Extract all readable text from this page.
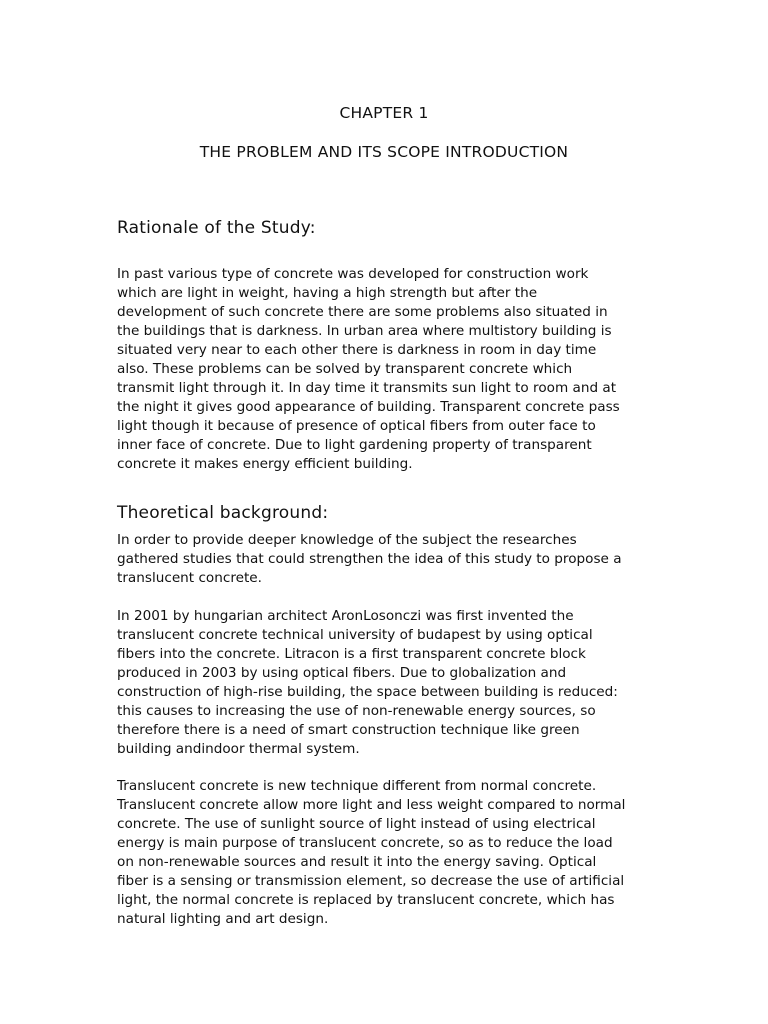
CHAPTER 1
THE PROBLEM AND ITS SCOPE INTRODUCTION
Rationale of the Study:
In past various type of concrete was developed for construction work
which are light in weight, having a high strength but after the
development of such concrete there are some problems also situated in
the buildings that is darkness. In urban area where multistory building is
situated very near to each other there is darkness in room in day time
also. These problems can be solved by transparent concrete which
transmit light through it. In day time it transmits sun light to room and at
the night it gives good appearance of building. Transparent concrete pass
light though it because of presence of optical fibers from outer face to
inner face of concrete. Due to light gardening property of transparent
concrete it makes energy efficient building.
Theoretical background:
In order to provide deeper knowledge of the subject the researches
gathered studies that could strengthen the idea of this study to propose a
translucent concrete.
In 2001 by hungarian architect AronLosonczi was first invented the
translucent concrete technical university of budapest by using optical
fibers into the concrete. Litracon is a first transparent concrete block
produced in 2003 by using optical fibers. Due to globalization and
construction of high-rise building, the space between building is reduced:
this causes to increasing the use of non-renewable energy sources, so
therefore there is a need of smart construction technique like green
building andindoor thermal system.
Translucent concrete is new technique different from normal concrete.
Translucent concrete allow more light and less weight compared to normal
concrete. The use of sunlight source of light instead of using electrical
energy is main purpose of translucent concrete, so as to reduce the load
on non-renewable sources and result it into the energy saving. Optical
fiber is a sensing or transmission element, so decrease the use of artificial
light, the normal concrete is replaced by translucent concrete, which has
natural lighting and art design.
